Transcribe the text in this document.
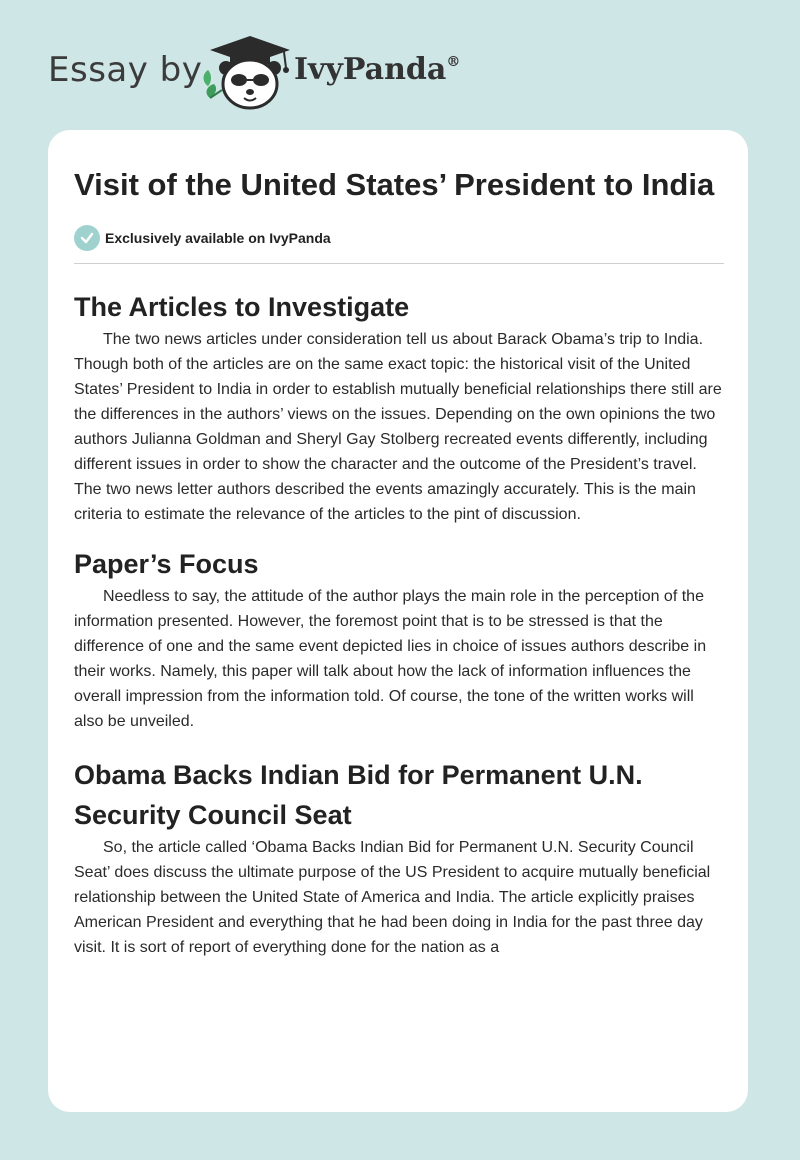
Essay by	IvyPanda®
Visit of the United States’ President to India
Exclusively available on IvyPanda
The Articles to Investigate

The two news articles under consideration tell us about Barack Obama’s trip to India. Though both of the articles are on the same exact topic: the historical visit of the United States’ President to India in order to establish mutually beneficial relationships there still are the differences in the authors’ views on the issues. Depending on the own opinions the two authors Julianna Goldman and Sheryl Gay Stolberg recreated events differently, including different issues in order to show the character and the outcome of the President’s travel. The two news letter authors described the events amazingly accurately. This is the main criteria to estimate the relevance of the articles to the pint of discussion.

Paper’s Focus

Needless to say, the attitude of the author plays the main role in the perception of the information presented. However, the foremost point that is to be stressed is that the difference of one and the same event depicted lies in choice of issues authors describe in their works. Namely, this paper will talk about how the lack of information influences the overall impression from the information told. Of course, the tone of the written works will also be unveiled.

Obama Backs Indian Bid for Permanent U.N. Security Council Seat

So, the article called ‘Obama Backs Indian Bid for Permanent U.N. Security Council Seat’ does discuss the ultimate purpose of the US President to acquire mutually beneficial relationship between the United State of America and India. The article explicitly praises American President and everything that he had been doing in India for the past three day visit. It is sort of report of everything done for the nation as a
